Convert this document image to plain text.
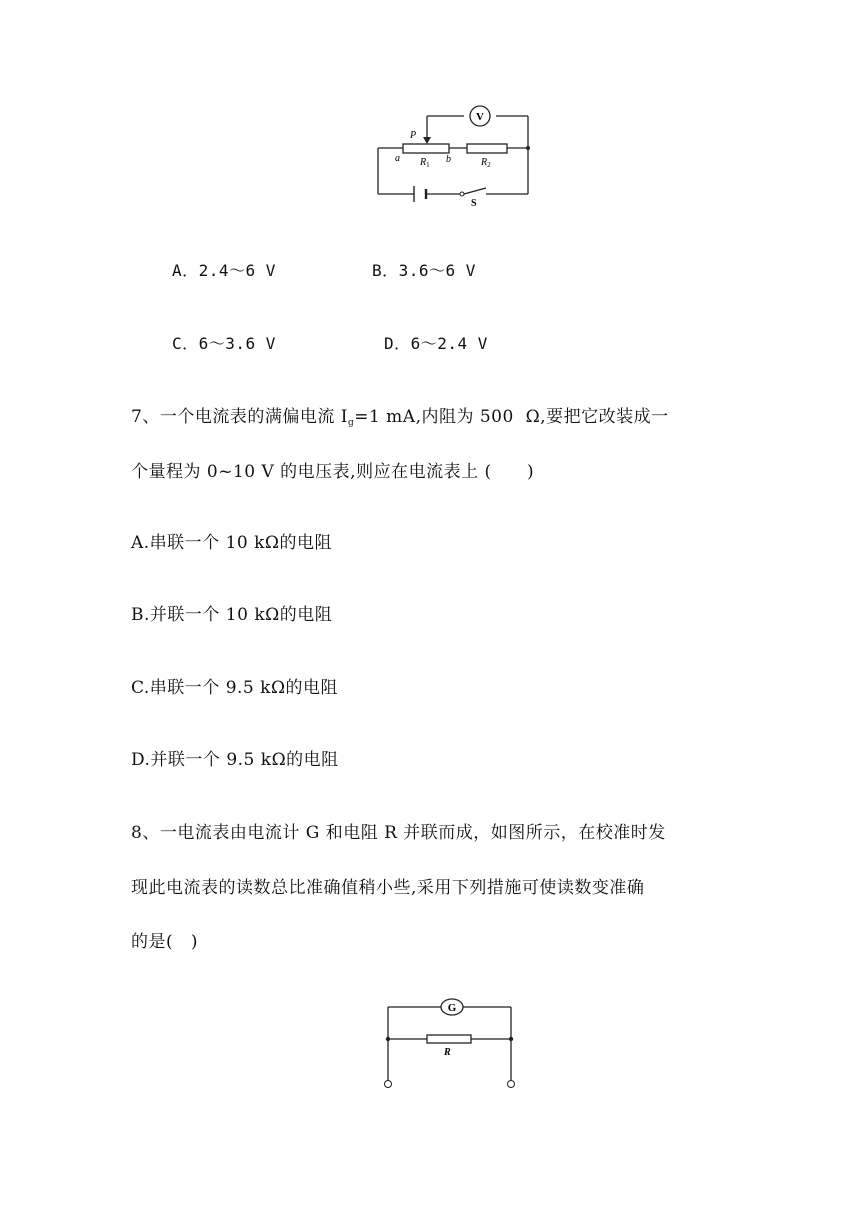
V
P
a	b
$R_1$	$R_2$
S
A．2.4～6 V	B．3.6～6 V
C．6～3.6 V	D．6～2.4 V
7、一个电流表的满偏电流 $I_g=1$ mA,内阻为 500  Ω,要把它改装成一
个量程为 0~10 V 的电压表,则应在电流表上 (      )
A.串联一个 10 kΩ的电阻
B.并联一个 10 kΩ的电阻
C.串联一个 9.5 kΩ的电阻
D.并联一个 9.5 kΩ的电阻
8、一电流表由电流计 G 和电阻 R 并联而成，如图所示，在校准时发
现此电流表的读数总比准确值稍小些,采用下列措施可使读数变准确
的是(   )
G
R
